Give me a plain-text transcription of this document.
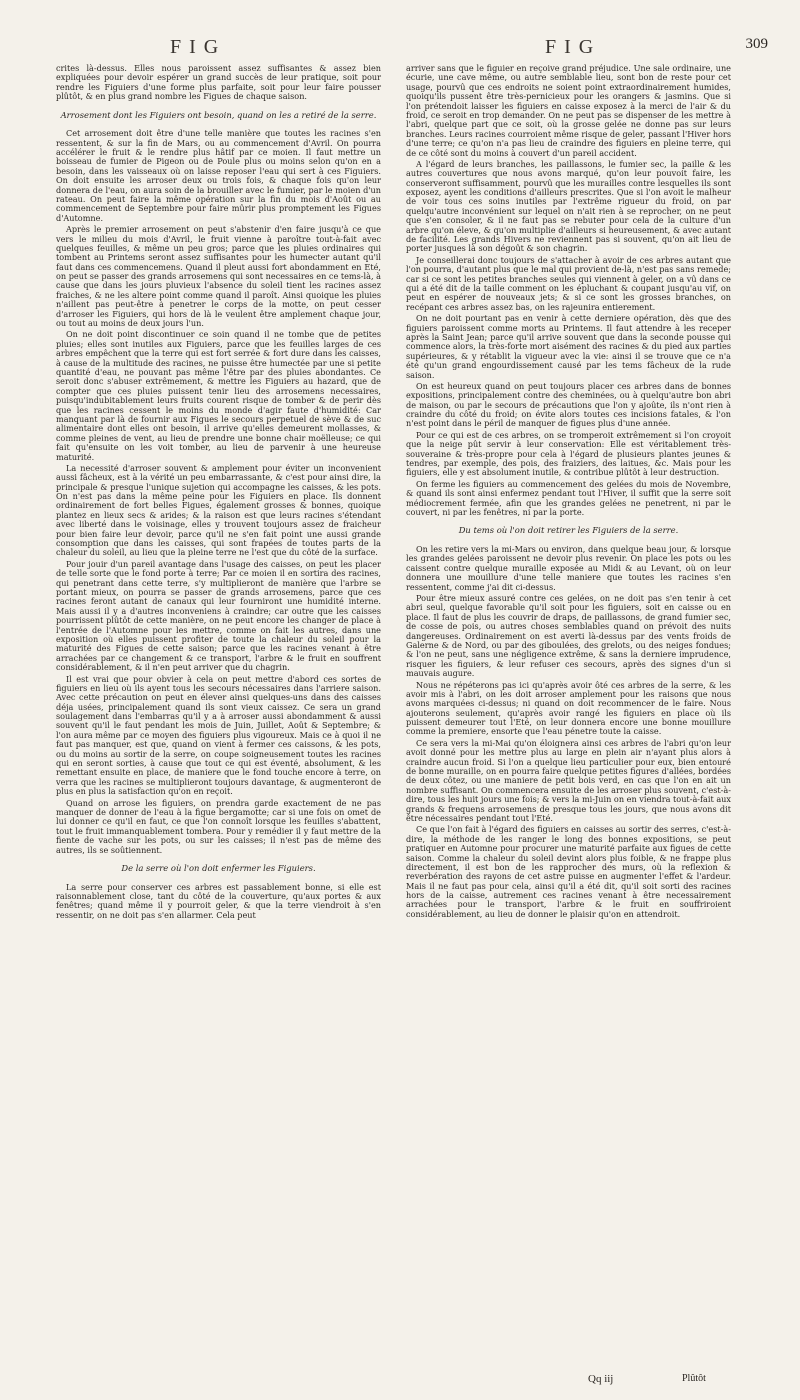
FIG	FIG	309

crites là-dessus. Elles nous paroissent assez suffisantes & assez bien expliquées pour devoir espérer un grand succès de leur pratique, soit pour rendre les Figuiers d'une forme plus parfaite, soit pour leur faire pousser plûtôt, & en plus grand nombre les Figues de chaque saison.

Arrosement dont les Figuiers ont besoin, quand on les a retiré de la serre.

Cet arrosement doit être d'une telle manière que toutes les racines s'en ressentent, & sur la fin de Mars, ou au commencement d'Avril. On pourra accélérer le fruit & le rendre plus hâtif par ce moien. Il faut mettre un boisseau de fumier de Pigeon ou de Poule plus ou moins selon qu'on en a besoin, dans les vaisseaux où on laisse reposer l'eau qui sert à ces Figuiers. On doit ensuite les arroser deux ou trois fois, & chaque fois qu'on leur donnera de l'eau, on aura soin de la brouiller avec le fumier, par le moien d'un rateau. On peut faire la même opération sur la fin du mois d'Août ou au commencement de Septembre pour faire mûrir plus promptement les Figues d'Automne.

Après le premier arrosement on peut s'abstenir d'en faire jusqu'à ce que vers le milieu du mois d'Avril, le fruit vienne à paroître tout-à-fait avec quelques feuilles, & même un peu gros; parce que les pluies ordinaires qui tombent au Printems seront assez suffisantes pour les humecter autant qu'il faut dans ces commencemens. Quand il pleut aussi fort abondamment en Eté, on peut se passer des grands arrosemens qui sont necessaires en ce tems-là, à cause que dans les jours pluvieux l'absence du soleil tient les racines assez fraiches, & ne les altere point comme quand il paroît. Ainsi quoique les pluies n'aillent pas peut-être à penetrer le corps de la motte, on peut cesser d'arroser les Figuiers, qui hors de là le veulent être amplement chaque jour, ou tout au moins de deux jours l'un.

On ne doit point discontinuer ce soin quand il ne tombe que de petites pluies; elles sont inutiles aux Figuiers, parce que les feuilles larges de ces arbres empêchent que la terre qui est fort serrée & fort dure dans les caisses, à cause de la multitude des racines, ne puisse être humectée par une si petite quantité d'eau, ne pouvant pas même l'être par des pluies abondantes. Ce seroit donc s'abuser extrêmement, & mettre les Figuiers au hazard, que de compter que ces pluies puissent tenir lieu des arrosemens necessaires, puisqu'indubitablement leurs fruits courent risque de tomber & de perir dès que les racines cessent le moins du monde d'agir faute d'humidité: Car manquant par là de fournir aux Figues le secours perpetuel de sève & de suc alimentaire dont elles ont besoin, il arrive qu'elles demeurent mollasses, & comme pleines de vent, au lieu de prendre une bonne chair moëlleuse; ce qui fait qu'ensuite on les voit tomber, au lieu de parvenir à une heureuse maturité.

La necessité d'arroser souvent & amplement pour éviter un inconvenient aussi fâcheux, est à la vérité un peu embarrassante, & c'est pour ainsi dire, la principale & presque l'unique sujetion qui accompagne les caisses, & les pots. On n'est pas dans la même peine pour les Figuiers en place. Ils donnent ordinairement de fort belles Figues, également grosses & bonnes, quoique plantez en lieux secs & arides; & la raison est que leurs racines s'étendant avec liberté dans le voisinage, elles y trouvent toujours assez de fraicheur pour bien faire leur devoir, parce qu'il ne s'en fait point une aussi grande consomption que dans les caisses, qui sont frapées de toutes parts de la chaleur du soleil, au lieu que la pleine terre ne l'est que du côté de la surface.

Pour jouir d'un pareil avantage dans l'usage des caisses, on peut les placer de telle sorte que le fond porte à terre; Par ce moien il en sortira des racines, qui penetrant dans cette terre, s'y multiplieront de manière que l'arbre se portant mieux, on pourra se passer de grands arrosemens, parce que ces racines feront autant de canaux qui leur fourniront une humidité interne. Mais aussi il y a d'autres inconveniens à craindre; car outre que les caisses pourrissent plûtôt de cette manière, on ne peut encore les changer de place à l'entrée de l'Automne pour les mettre, comme on fait les autres, dans une exposition où elles puissent profiter de toute la chaleur du soleil pour la maturité des Figues de cette saison; parce que les racines venant à être arrachées par ce changement & ce transport, l'arbre & le fruit en souffrent considérablement, & il n'en peut arriver que du chagrin.

Il est vrai que pour obvier à cela on peut mettre d'abord ces sortes de figuiers en lieu où ils ayent tous les secours nécessaires dans l'arriere saison. Avec cette précaution on peut en élever ainsi quelques-uns dans des caisses déja usées, principalement quand ils sont vieux caissez. Ce sera un grand soulagement dans l'embarras qu'il y a à arroser aussi abondamment & aussi souvent qu'il le faut pendant les mois de Juin, Juillet, Août & Septembre; & l'on aura même par ce moyen des figuiers plus vigoureux. Mais ce à quoi il ne faut pas manquer, est que, quand on vient à fermer ces caissons, & les pots, ou du moins au sortir de la serre, on coupe soigneusement toutes les racines qui en seront sorties, à cause que tout ce qui est éventé, absolument, & les remettant ensuite en place, de maniere que le fond touche encore à terre, on verra que les racines se multiplieront toujours davantage, & augmenteront de plus en plus la satisfaction qu'on en reçoit.

Quand on arrose les figuiers, on prendra garde exactement de ne pas manquer de donner de l'eau à la figue bergamotte; car si une fois on omet de lui donner ce qu'il en faut, ce que l'on connoît lorsque les feuilles s'abattent, tout le fruit immanquablement tombera. Pour y remédier il y faut mettre de la fiente de vache sur les pots, ou sur les caisses; il n'est pas de même des autres, ils se soûtiennent.

De la serre où l'on doit enfermer les Figuiers.

La serre pour conserver ces arbres est passablement bonne, si elle est raisonnablement close, tant du côté de la couverture, qu'aux portes & aux fenêtres; quand même il y pourroit geler, & que la terre viendroit à s'en ressentir, on ne doit pas s'en allarmer. Cela peut

arriver sans que le figuier en reçoive grand préjudice. Une sale ordinaire, une écurie, une cave même, ou autre semblable lieu, sont bon de reste pour cet usage, pourvû que ces endroits ne soient point extraordinairement humides, quoiqu'ils pussent être très-pernicieux pour les orangers & jasmins. Que si l'on prétendoit laisser les figuiers en caisse exposez à la merci de l'air & du froid, ce seroit en trop demander. On ne peut pas se dispenser de les mettre à l'abri, quelque part que ce soit, où la grosse gelée ne donne pas sur leurs branches. Leurs racines courroient même risque de geler, passant l'Hiver hors d'une terre; ce qu'on n'a pas lieu de craindre des figuiers en pleine terre, qui de ce côté sont du moins à couvert d'un pareil accident.

A l'égard de leurs branches, les paillassons, le fumier sec, la paille & les autres couvertures que nous avons marqué, qu'on leur pouvoit faire, les conserveront suffisamment, pourvû que les murailles contre lesquelles ils sont exposez, ayent les conditions d'ailleurs prescrites. Que si l'on avoit le malheur de voir tous ces soins inutiles par l'extrême rigueur du froid, on par quelqu'autre inconvénient sur lequel on n'ait rien à se reprocher, on ne peut que s'en consoler, & il ne faut pas se rebuter pour cela de la culture d'un arbre qu'on éleve, & qu'on multiplie d'ailleurs si heureusement, & avec autant de facilité. Les grands Hivers ne reviennent pas si souvent, qu'on ait lieu de porter jusques là son dégoût & son chagrin.

Je conseillerai donc toujours de s'attacher à avoir de ces arbres autant que l'on pourra, d'autant plus que le mal qui provient de-là, n'est pas sans remede; car si ce sont les petites branches seules qui viennent à geler, on a vû dans ce qui a été dit de la taille comment on les épluchant & coupant jusqu'au vif, on peut en espérer de nouveaux jets; & si ce sont les grosses branches, on recépant ces arbres assez bas, on les rajeunira entierement.

On ne doit pourtant pas en venir à cette derniere opération, dès que des figuiers paroissent comme morts au Printems. Il faut attendre à les receper après la Saint Jean; parce qu'il arrive souvent que dans la seconde pousse qui commence alors, la très-forte mort aisément des racines & du pied aux parties supérieures, & y rétablit la vigueur avec la vie: ainsi il se trouve que ce n'a été qu'un grand engourdissement causé par les tems fâcheux de la rude saison.

On est heureux quand on peut toujours placer ces arbres dans de bonnes expositions, principalement contre des cheminées, ou à quelqu'autre bon abri de maison, ou par le secours de précautions que l'on y ajoûte, ils n'ont rien à craindre du côté du froid; on évite alors toutes ces incisions fatales, & l'on n'est point dans le péril de manquer de figues plus d'une année.

Pour ce qui est de ces arbres, on se tromperoit extrêmement si l'on croyoit que la neige pût servir à leur conservation: Elle est véritablement très-souveraine & très-propre pour cela à l'égard de plusieurs plantes jeunes & tendres, par exemple, des pois, des fraiziers, des laitues, &c. Mais pour les figuiers, elle y est absolument inutile, & contribue plûtôt à leur destruction.

On ferme les figuiers au commencement des gelées du mois de Novembre, & quand ils sont ainsi enfermez pendant tout l'Hiver, il suffit que la serre soit médiocrement fermée, afin que les grandes gelées ne penetrent, ni par le couvert, ni par les fenêtres, ni par la porte.

Du tems où l'on doit retirer les Figuiers de la serre.

On les retire vers la mi-Mars ou environ, dans quelque beau jour, & lorsque les grandes gelées paroissent ne devoir plus revenir. On place les pots ou les caissent contre quelque muraille exposée au Midi & au Levant, où on leur donnera une mouillure d'une telle maniere que toutes les racines s'en ressentent, comme j'ai dit ci-dessus.

Pour être mieux assuré contre ces gelées, on ne doit pas s'en tenir à cet abri seul, quelque favorable qu'il soit pour les figuiers, soit en caisse ou en place. Il faut de plus les couvrir de draps, de paillassons, de grand fumier sec, de cosse de pois, ou autres choses semblables quand on prévoit des nuits dangereuses. Ordinairement on est averti là-dessus par des vents froids de Galerne & de Nord, ou par des giboulées, des grelots, ou des neiges fondues; & l'on ne peut, sans une négligence extrême, & sans la derniere imprudence, risquer les figuiers, & leur refuser ces secours, après des signes d'un si mauvais augure.

Nous ne répéterons pas ici qu'après avoir ôté ces arbres de la serre, & les avoir mis à l'abri, on les doit arroser amplement pour les raisons que nous avons marquées ci-dessus; ni quand on doit recommencer de le faire. Nous ajouterons seulement, qu'après avoir rangé les figuiers en place où ils puissent demeurer tout l'Eté, on leur donnera encore une bonne mouillure comme la premiere, ensorte que l'eau pénetre toute la caisse.

Ce sera vers la mi-Mai qu'on éloignera ainsi ces arbres de l'abri qu'on leur avoit donné pour les mettre plus au large en plein air n'ayant plus alors à craindre aucun froid. Si l'on a quelque lieu particulier pour eux, bien entouré de bonne muraille, on en pourra faire quelque petites figures d'allées, bordées de deux côtez, ou une maniere de petit bois verd, en cas que l'on en ait un nombre suffisant. On commencera ensuite de les arroser plus souvent, c'est-à-dire, tous les huit jours une fois; & vers la mi-Juin on en viendra tout-à-fait aux grands & frequens arrosemens de presque tous les jours, que nous avons dit être nécessaires pendant tout l'Eté.

Ce que l'on fait à l'égard des figuiers en caisses au sortir des serres, c'est-à-dire, la méthode de les ranger le long des bonnes expositions, se peut pratiquer en Automne pour procurer une maturité parfaite aux figues de cette saison. Comme la chaleur du soleil devint alors plus foible, & ne frappe plus directement, il est bon de les rapprocher des murs, où la reflexion & reverbération des rayons de cet astre puisse en augmenter l'effet & l'ardeur. Mais il ne faut pas pour cela, ainsi qu'il a été dit, qu'il soit sorti des racines hors de la caisse, autrement ces racines venant à être necessairement arrachées pour le transport, l'arbre & le fruit en souffriroient considérablement, au lieu de donner le plaisir qu'on en attendroit.

Qq iij	Plûtôt
